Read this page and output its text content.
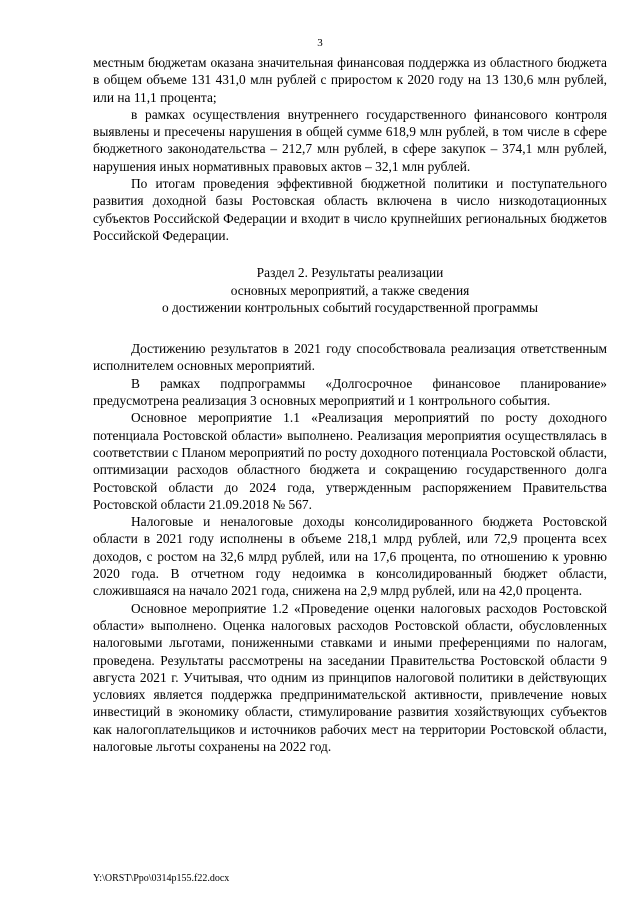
3

местным бюджетам оказана значительная финансовая поддержка из областного бюджета в общем объеме 131 431,0 млн рублей с приростом к 2020 году на 13 130,6 млн рублей, или на 11,1 процента;

в рамках осуществления внутреннего государственного финансового контроля выявлены и пресечены нарушения в общей сумме 618,9 млн рублей, в том числе в сфере бюджетного законодательства – 212,7 млн рублей, в сфере закупок – 374,1 млн рублей, нарушения иных нормативных правовых актов – 32,1 млн рублей.

По итогам проведения эффективной бюджетной политики и поступательного развития доходной базы Ростовская область включена в число низкодотационных субъектов Российской Федерации и входит в число крупнейших региональных бюджетов Российской Федерации.

Раздел 2. Результаты реализации
основных мероприятий, а также сведения
о достижении контрольных событий государственной программы

Достижению результатов в 2021 году способствовала реализация ответственным исполнителем основных мероприятий.

В рамках подпрограммы «Долгосрочное финансовое планирование» предусмотрена реализация 3 основных мероприятий и 1 контрольного события.

Основное мероприятие 1.1 «Реализация мероприятий по росту доходного потенциала Ростовской области» выполнено. Реализация мероприятия осуществлялась в соответствии с Планом мероприятий по росту доходного потенциала Ростовской области, оптимизации расходов областного бюджета и сокращению государственного долга Ростовской области до 2024 года, утвержденным распоряжением Правительства Ростовской области 21.09.2018 № 567.

Налоговые и неналоговые доходы консолидированного бюджета Ростовской области в 2021 году исполнены в объеме 218,1 млрд рублей, или 72,9 процента всех доходов, с ростом на 32,6 млрд рублей, или на 17,6 процента, по отношению к уровню 2020 года. В отчетном году недоимка в консолидированный бюджет области, сложившаяся на начало 2021 года, снижена на 2,9 млрд рублей, или на 42,0 процента.

Основное мероприятие 1.2 «Проведение оценки налоговых расходов Ростовской области» выполнено. Оценка налоговых расходов Ростовской области, обусловленных налоговыми льготами, пониженными ставками и иными преференциями по налогам, проведена. Результаты рассмотрены на заседании Правительства Ростовской области 9 августа 2021 г. Учитывая, что одним из принципов налоговой политики в действующих условиях является поддержка предпринимательской активности, привлечение новых инвестиций в экономику области, стимулирование развития хозяйствующих субъектов как налогоплательщиков и источников рабочих мест на территории Ростовской области, налоговые льготы сохранены на 2022 год.

Y:\ORST\Ppo\0314p155.f22.docx
